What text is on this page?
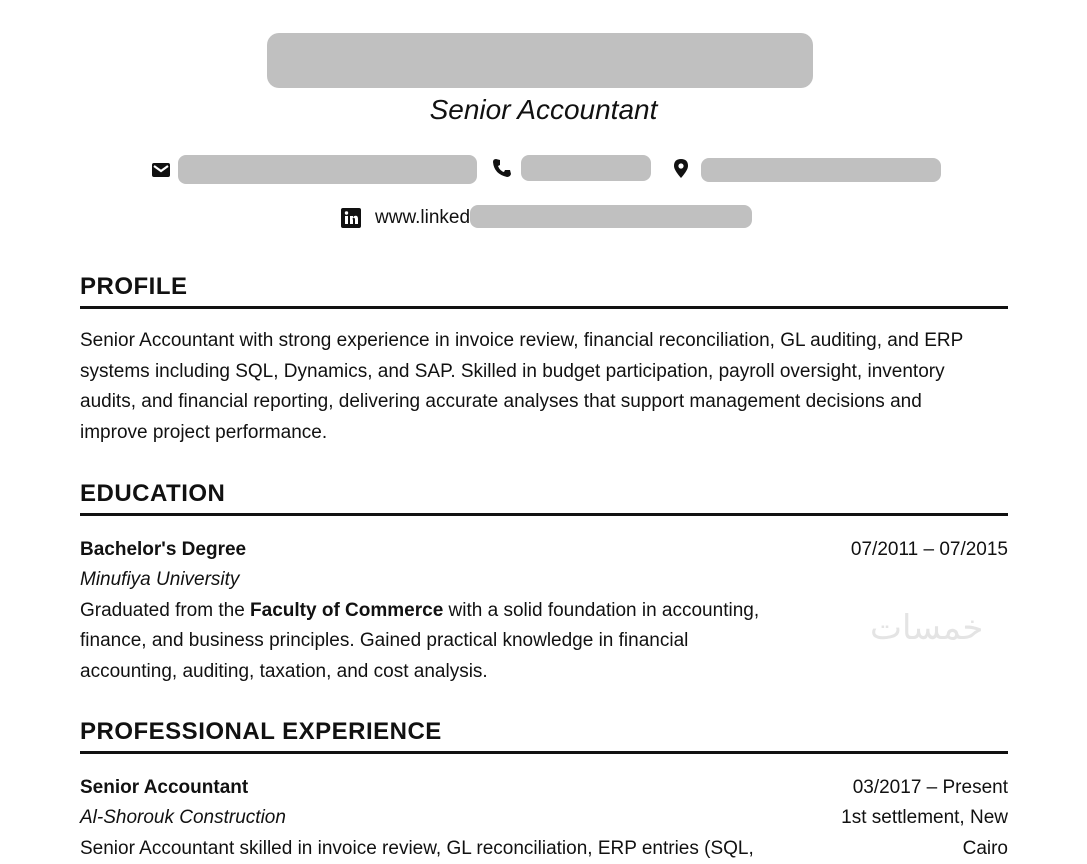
Senior Accountant
www.linked
PROFILE

Senior Accountant with strong experience in invoice review, financial reconciliation, GL auditing, and ERP systems including SQL, Dynamics, and SAP. Skilled in budget participation, payroll oversight, inventory audits, and financial reporting, delivering accurate analyses that support management decisions and improve project performance.

EDUCATION
Bachelor's Degree	07/2011 – 07/2015
Minufiya University

Graduated from the Faculty of Commerce with a solid foundation in accounting, finance, and business principles. Gained practical knowledge in financial accounting, auditing, taxation, and cost analysis.

PROFESSIONAL EXPERIENCE
Senior Accountant	03/2017 – Present
Al-Shorouk Construction
Senior Accountant skilled in invoice review, GL reconciliation, ERP entries (SQL,
1st settlement, New Cairo
خمسات
